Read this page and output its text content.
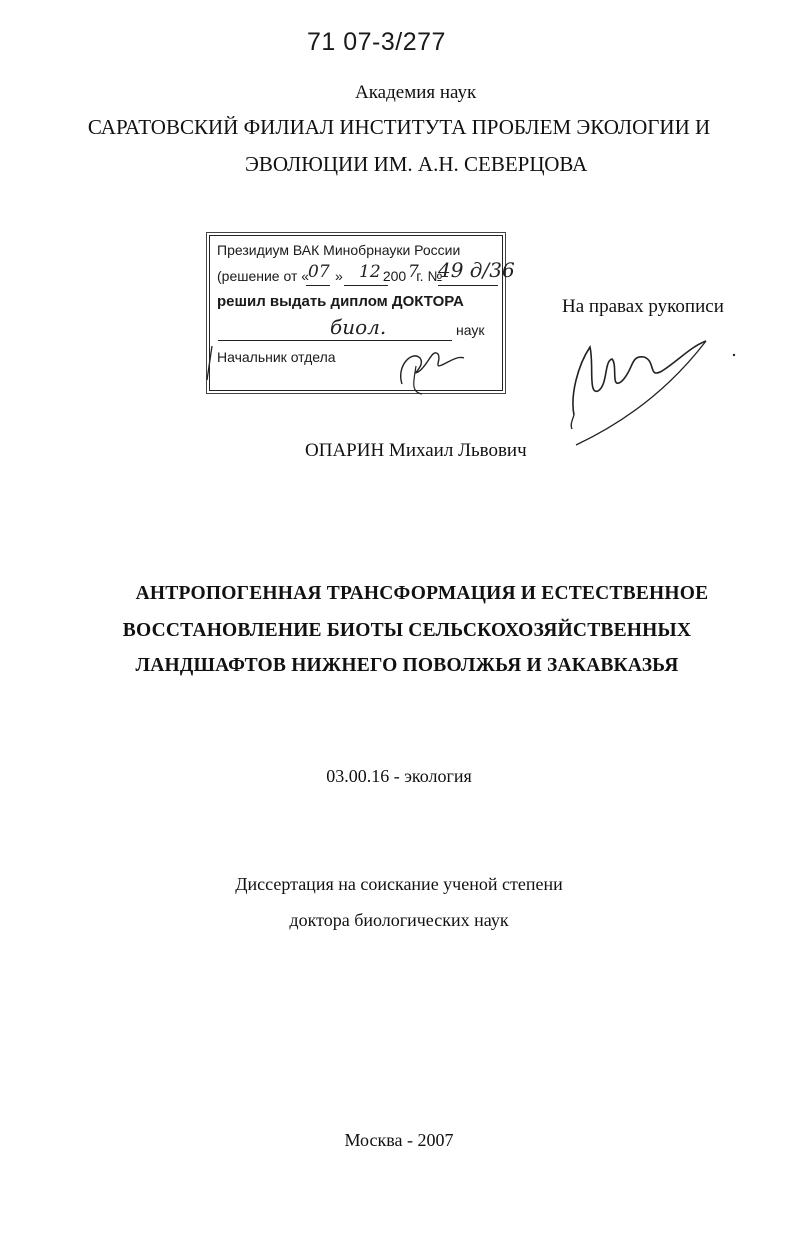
71 07-3/277
Академия наук
САРАТОВСКИЙ ФИЛИАЛ ИНСТИТУТА ПРОБЛЕМ ЭКОЛОГИИ И
ЭВОЛЮЦИИ ИМ. А.Н. СЕВЕРЦОВА
Президиум ВАК Минобрнауки России
(решение от « »	200 г. №
07 12 7 49 д/36
решил выдать диплом ДОКТОРА
биол.	наук
Начальник отдела
На правах рукописи
ОПАРИН Михаил Львович
АНТРОПОГЕННАЯ ТРАНСФОРМАЦИЯ И ЕСТЕСТВЕННОЕ
ВОССТАНОВЛЕНИЕ БИОТЫ СЕЛЬСКОХОЗЯЙСТВЕННЫХ
ЛАНДШАФТОВ НИЖНЕГО ПОВОЛЖЬЯ И ЗАКАВКАЗЬЯ
03.00.16 - экология
Диссертация на соискание ученой степени
доктора биологических наук
Москва - 2007
